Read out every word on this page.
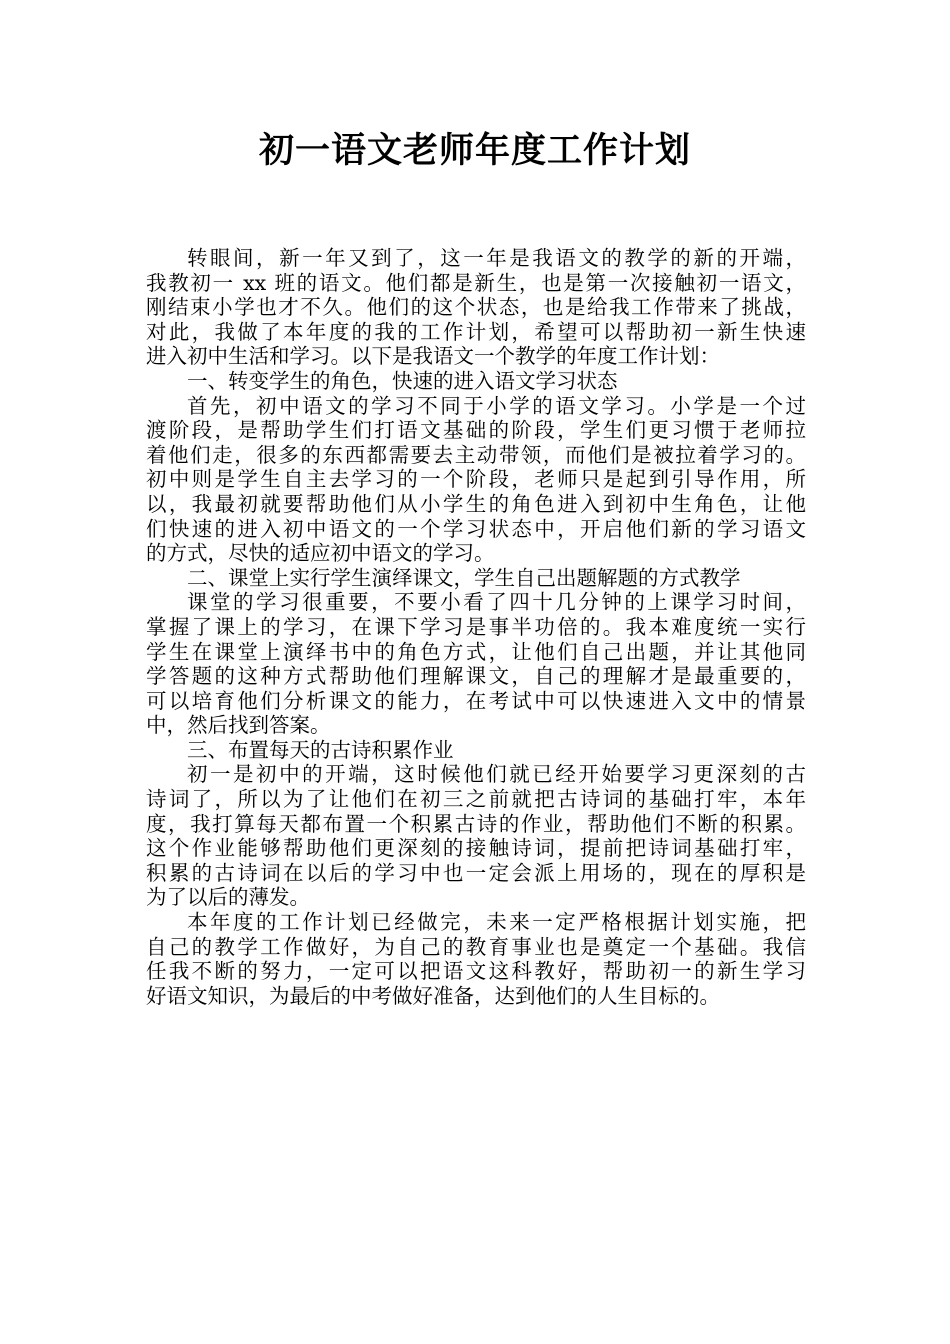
初一语文老师年度工作计划
转眼间，新一年又到了，这一年是我语文的教学的新的开端，
我教初一 xx 班的语文。他们都是新生，也是第一次接触初一语文，
刚结束小学也才不久。他们的这个状态，也是给我工作带来了挑战，
对此，我做了本年度的我的工作计划，希望可以帮助初一新生快速
进入初中生活和学习。以下是我语文一个教学的年度工作计划：
一、转变学生的角色，快速的进入语文学习状态
首先，初中语文的学习不同于小学的语文学习。小学是一个过
渡阶段，是帮助学生们打语文基础的阶段，学生们更习惯于老师拉
着他们走，很多的东西都需要去主动带领，而他们是被拉着学习的。
初中则是学生自主去学习的一个阶段，老师只是起到引导作用，所
以，我最初就要帮助他们从小学生的角色进入到初中生角色，让他
们快速的进入初中语文的一个学习状态中，开启他们新的学习语文
的方式，尽快的适应初中语文的学习。
二、课堂上实行学生演绎课文，学生自己出题解题的方式教学
课堂的学习很重要，不要小看了四十几分钟的上课学习时间，
掌握了课上的学习，在课下学习是事半功倍的。我本难度统一实行
学生在课堂上演绎书中的角色方式，让他们自己出题，并让其他同
学答题的这种方式帮助他们理解课文，自己的理解才是最重要的，
可以培育他们分析课文的能力，在考试中可以快速进入文中的情景
中，然后找到答案。
三、布置每天的古诗积累作业
初一是初中的开端，这时候他们就已经开始要学习更深刻的古
诗词了，所以为了让他们在初三之前就把古诗词的基础打牢，本年
度，我打算每天都布置一个积累古诗的作业，帮助他们不断的积累。
这个作业能够帮助他们更深刻的接触诗词，提前把诗词基础打牢，
积累的古诗词在以后的学习中也一定会派上用场的，现在的厚积是
为了以后的薄发。
本年度的工作计划已经做完，未来一定严格根据计划实施，把
自己的教学工作做好，为自己的教育事业也是奠定一个基础。我信
任我不断的努力，一定可以把语文这科教好，帮助初一的新生学习
好语文知识，为最后的中考做好准备，达到他们的人生目标的。
